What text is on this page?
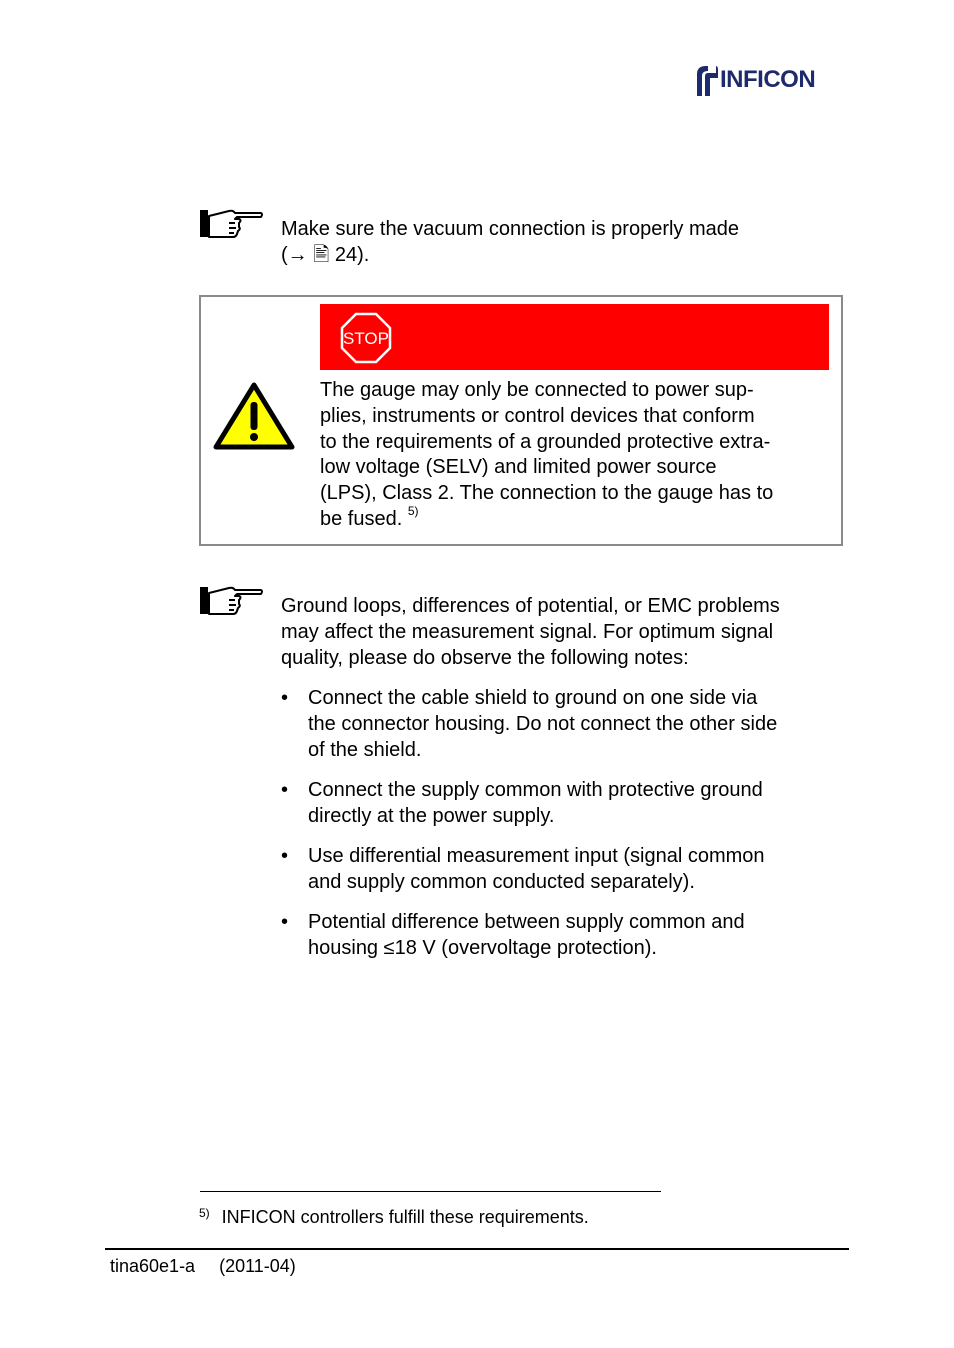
INFICON
Make sure the vacuum connection is properly made
(→ 🖹 24).
STOP
The gauge may only be connected to power sup-
plies, instruments or control devices that conform
to the requirements of a grounded protective extra-
low voltage (SELV) and limited power source
(LPS), Class 2. The connection to the gauge has to
be fused. $^{5)}$
Ground loops, differences of potential, or EMC problems
may affect the measurement signal. For optimum signal
quality, please do observe the following notes:
• Connect the cable shield to ground on one side via
the connector housing. Do not connect the other side
of the shield.
• Connect the supply common with protective ground
directly at the power supply.
• Use differential measurement input (signal common
and supply common conducted separately).
• Potential difference between supply common and
housing ≤18 V (overvoltage protection).
$^{5)}$ INFICON controllers fulfill these requirements.
tina60e1-a (2011-04)
